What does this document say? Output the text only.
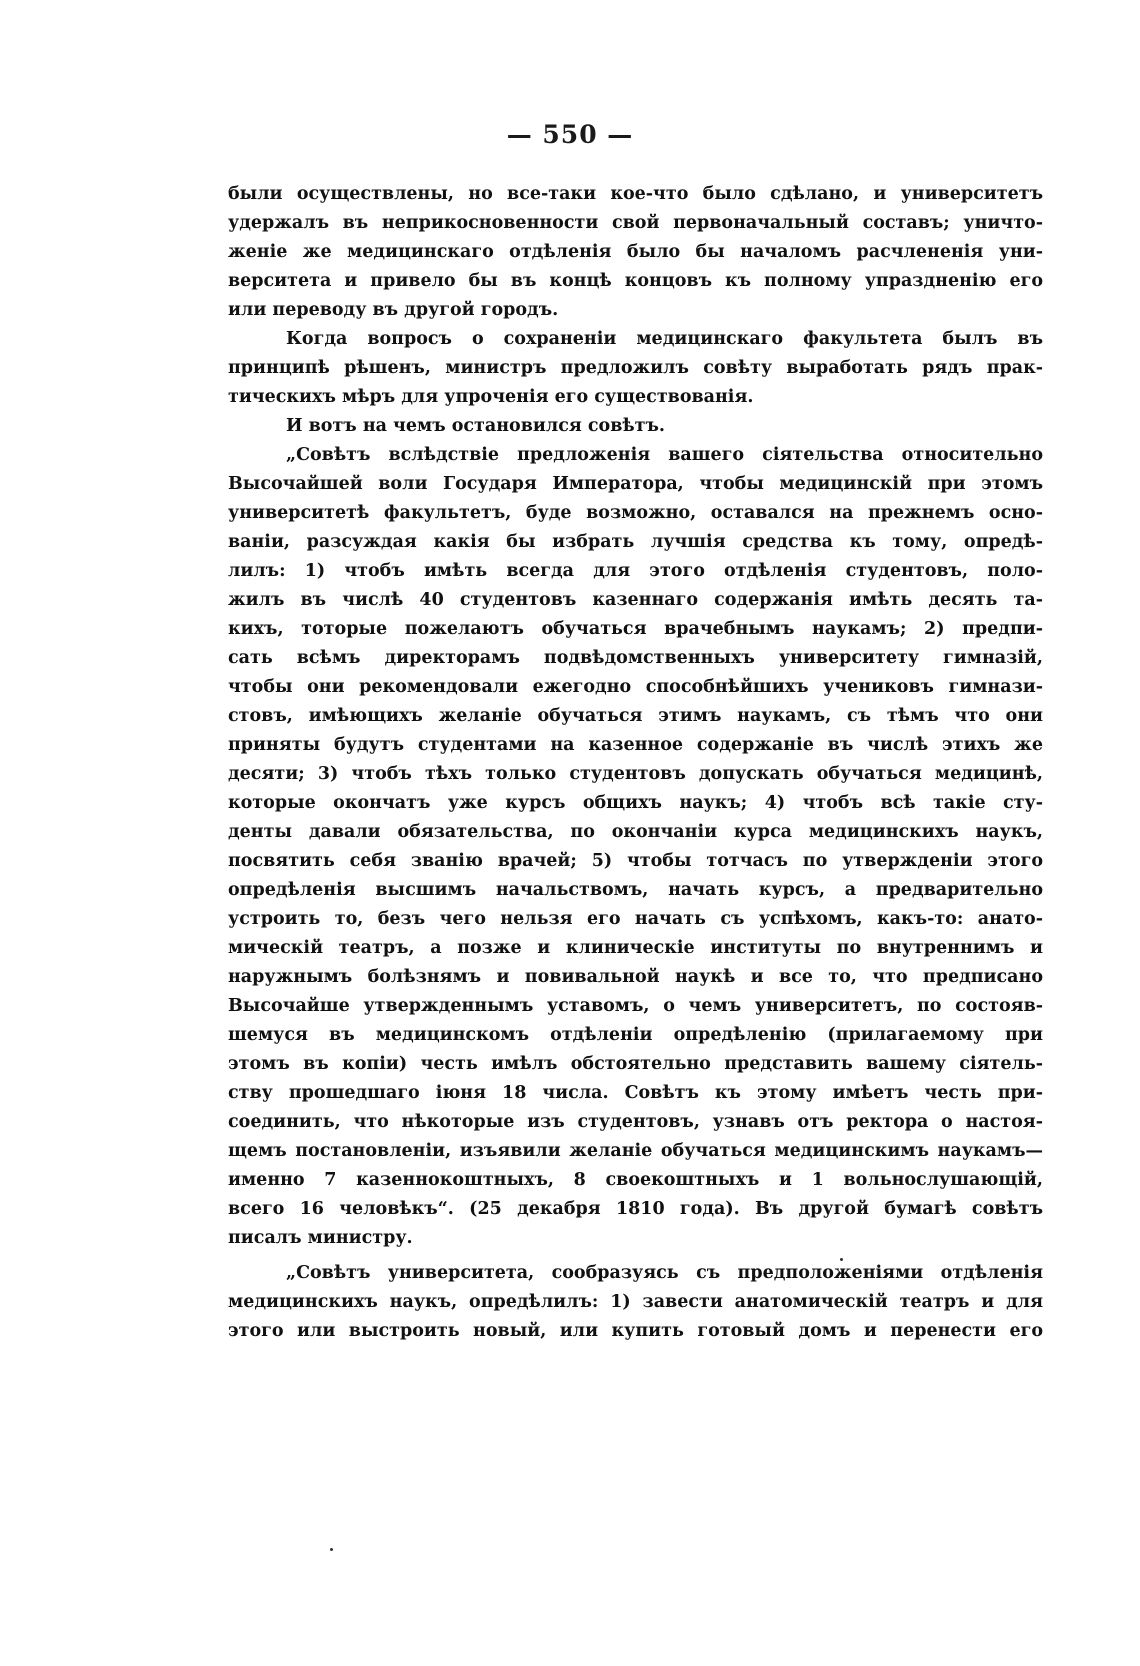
— 550 —
были осуществлены, но все-таки кое-что было сдѣлано, и университетъ
удержалъ въ неприкосновенности свой первоначальный составъ; уничто-
женіе же медицинскаго отдѣленія было бы началомъ расчлененія уни-
верситета и привело бы въ концѣ концовъ къ полному упраздненію его
или переводу въ другой городъ.
Когда вопросъ о сохраненіи медицинскаго факультета былъ въ
принципѣ рѣшенъ, министръ предложилъ совѣту выработать рядъ прак-
тическихъ мѣръ для упроченія его существованія.
И вотъ на чемъ остановился совѣтъ.
„Совѣтъ вслѣдствіе предложенія вашего сіятельства относительно
Высочайшей воли Государя Императора, чтобы медицинскій при этомъ
университетѣ факультетъ, буде возможно, оставался на прежнемъ осно-
ваніи, разсуждая какія бы избрать лучшія средства къ тому, опредѣ-
лилъ: 1) чтобъ имѣть всегда для этого отдѣленія студентовъ, поло-
жилъ въ числѣ 40 студентовъ казеннаго содержанія имѣть десять та-
кихъ, тоторые пожелаютъ обучаться врачебнымъ наукамъ; 2) предпи-
сать всѣмъ директорамъ подвѣдомственныхъ университету гимназій,
чтобы они рекомендовали ежегодно способнѣйшихъ учениковъ гимнази-
стовъ, имѣющихъ желаніе обучаться этимъ наукамъ, съ тѣмъ что они
приняты будутъ студентами на казенное содержаніе въ числѣ этихъ же
десяти; 3) чтобъ тѣхъ только студентовъ допускать обучаться медицинѣ,
которые окончатъ уже курсъ общихъ наукъ; 4) чтобъ всѣ такіе сту-
денты давали обязательства, по окончаніи курса медицинскихъ наукъ,
посвятить себя званію врачей; 5) чтобы тотчасъ по утвержденіи этого
опредѣленія высшимъ начальствомъ, начать курсъ, а предварительно
устроить то, безъ чего нельзя его начать съ успѣхомъ, какъ-то: анато-
мическій театръ, а позже и клиническіе институты по внутреннимъ и
наружнымъ болѣзнямъ и повивальной наукѣ и все то, что предписано
Высочайше утвержденнымъ уставомъ, о чемъ университетъ, по состояв-
шемуся въ медицинскомъ отдѣленіи опредѣленію (прилагаемому при
этомъ въ копіи) честь имѣлъ обстоятельно представить вашему сіятель-
ству прошедшаго іюня 18 числа. Совѣтъ къ этому имѣетъ честь при-
соединить, что нѣкоторые изъ студентовъ, узнавъ отъ ректора о настоя-
щемъ постановленіи, изъявили желаніе обучаться медицинскимъ наукамъ—
именно 7 казеннокоштныхъ, 8 своекоштныхъ и 1 вольнослушающій,
всего 16 человѣкъ“. (25 декабря 1810 года). Въ другой бумагѣ совѣтъ
писалъ министру.
„Совѣтъ университета, сообразуясь съ предположеніями отдѣленія
медицинскихъ наукъ, опредѣлилъ: 1) завести анатомическій театръ и для
этого или выстроить новый, или купить готовый домъ и перенести его
